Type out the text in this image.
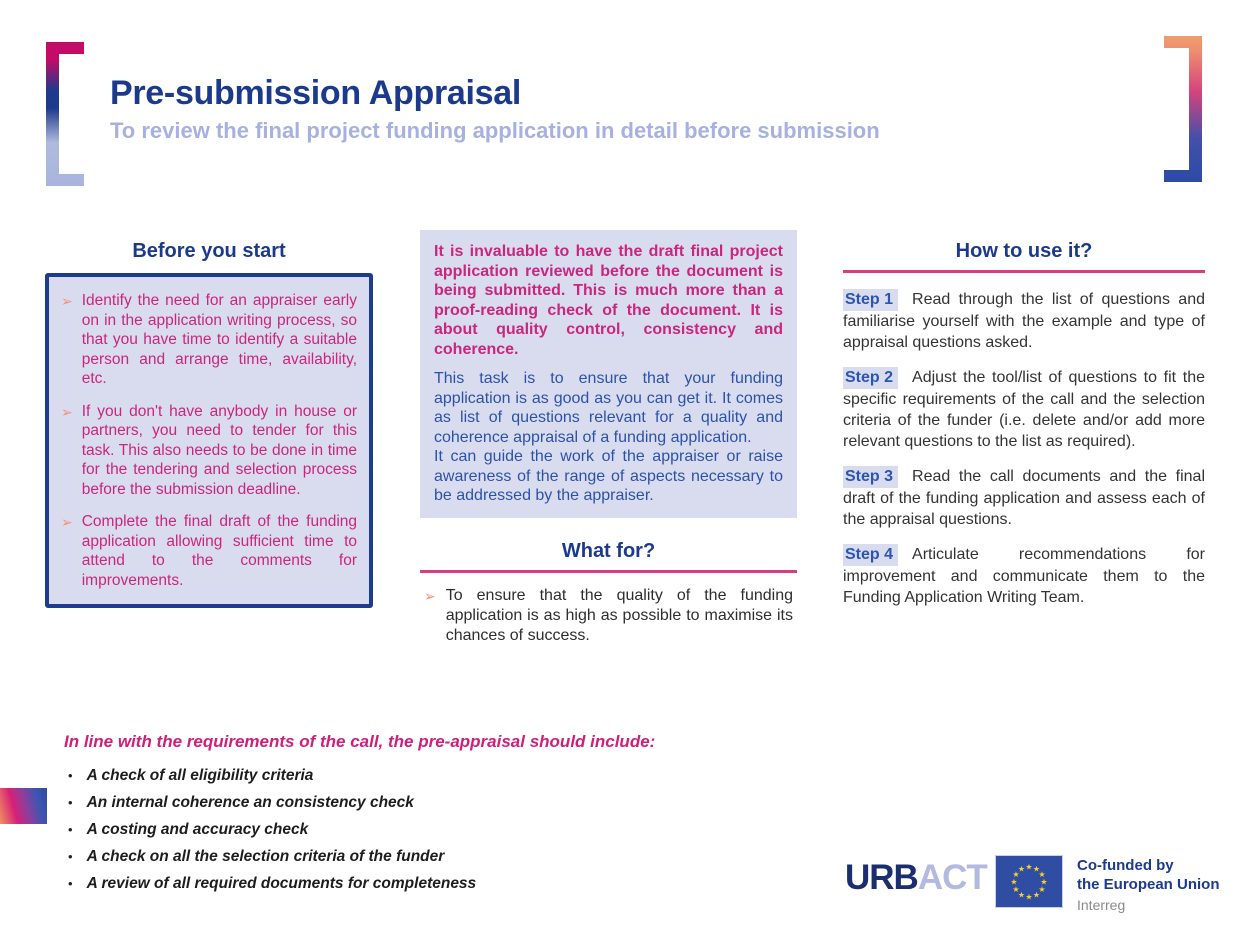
Pre-submission Appraisal
To review the final project funding application in detail before submission
Before you start
➢ Identify the need for an appraiser early on in the application writing process, so that you have time to identify a suitable person and arrange time, availability, etc.
➢ If you don't have anybody in house or partners, you need to tender for this task. This also needs to be done in time for the tendering and selection process before the submission deadline.
➢ Complete the final draft of the funding application allowing sufficient time to attend to the comments for improvements.

It is invaluable to have the draft final project application reviewed before the document is being submitted. This is much more than a proof-reading check of the document. It is about quality control, consistency and coherence.

This task is to ensure that your funding application is as good as you can get it. It comes as list of questions relevant for a quality and coherence appraisal of a funding application.

It can guide the work of the appraiser or raise awareness of the range of aspects necessary to be addressed by the appraiser.

What for?
➢ To ensure that the quality of the funding application is as high as possible to maximise its chances of success.
How to use it?

Step 1 Read through the list of questions and familiarise yourself with the example and type of appraisal questions asked.

Step 2 Adjust the tool/list of questions to fit the specific requirements of the call and the selection criteria of the funder (i.e. delete and/or add more relevant questions to the list as required).

Step 3 Read the call documents and the final draft of the funding application and assess each of the appraisal questions.

Step 4 Articulate recommendations for improvement and communicate them to the Funding Application Writing Team.

In line with the requirements of the call, the pre-appraisal should include:

• A check of all eligibility criteria
• An internal coherence an consistency check
• A costing and accuracy check
• A check on all the selection criteria of the funder
• A review of all required documents for completeness	URBACT	★ ★
★
★
★
★
★
★
★
★
★
★	Co-funded by
the European Union
Interreg
